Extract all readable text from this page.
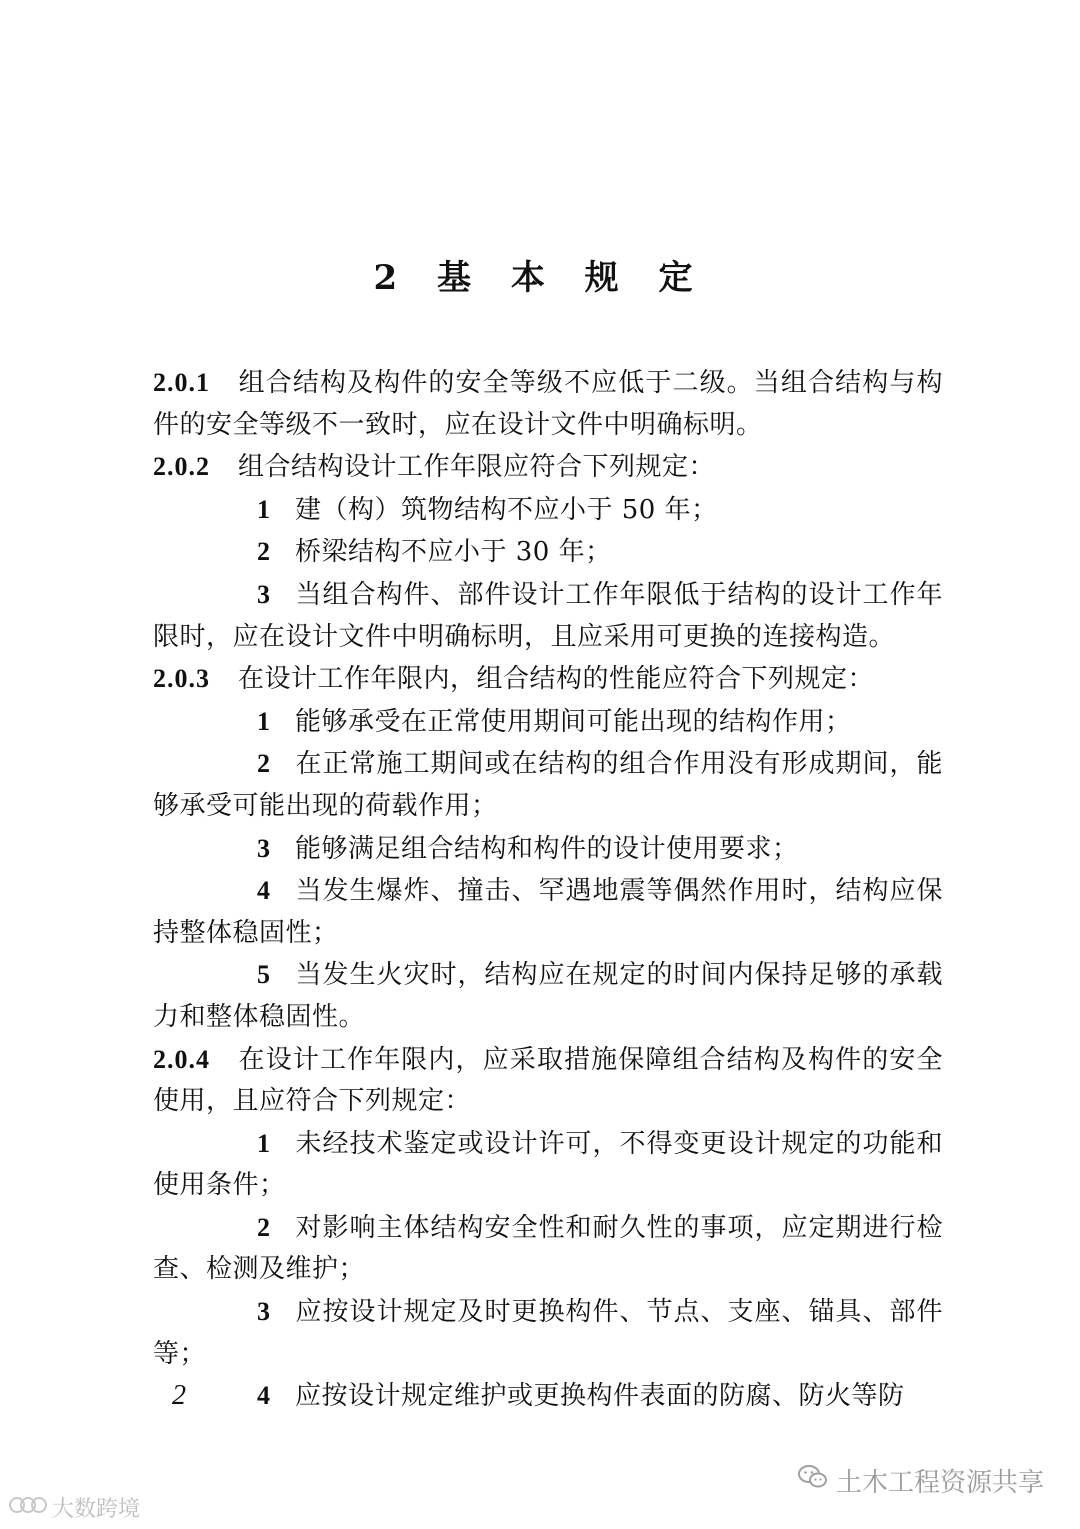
2 基 本 规 定

2.0.1 组合结构及构件的安全等级不应低于二级。当组合结构与构件的安全等级不一致时，应在设计文件中明确标明。

2.0.2 组合结构设计工作年限应符合下列规定：

1 建（构）筑物结构不应小于 50 年；

2 桥梁结构不应小于 30 年；

3 当组合构件、部件设计工作年限低于结构的设计工作年限时，应在设计文件中明确标明，且应采用可更换的连接构造。

2.0.3 在设计工作年限内，组合结构的性能应符合下列规定：

1 能够承受在正常使用期间可能出现的结构作用；

2 在正常施工期间或在结构的组合作用没有形成期间，能够承受可能出现的荷载作用；

3 能够满足组合结构和构件的设计使用要求；

4 当发生爆炸、撞击、罕遇地震等偶然作用时，结构应保持整体稳固性；

5 当发生火灾时，结构应在规定的时间内保持足够的承载力和整体稳固性。

2.0.4 在设计工作年限内，应采取措施保障组合结构及构件的安全使用，且应符合下列规定：

1 未经技术鉴定或设计许可，不得变更设计规定的功能和使用条件；

2 对影响主体结构安全性和耐久性的事项，应定期进行检查、检测及维护；

3 应按设计规定及时更换构件、节点、支座、锚具、部件等；

4 应按设计规定维护或更换构件表面的防腐、防火等防

2
土木工程资源共享
大数跨境
